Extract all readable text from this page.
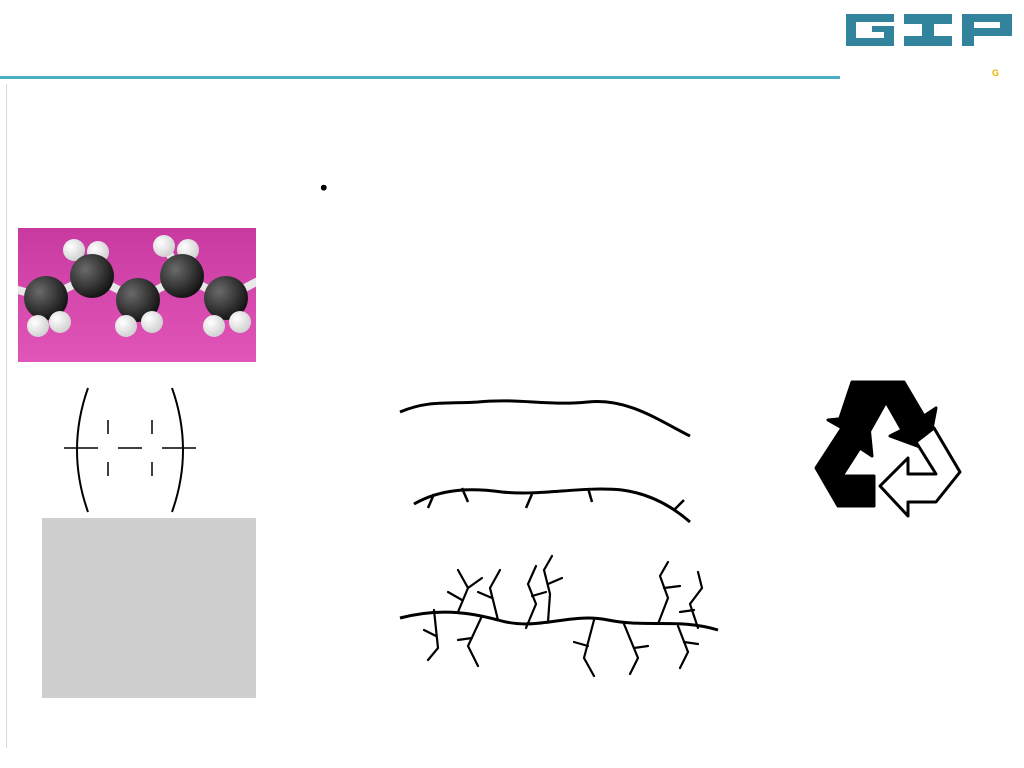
G
